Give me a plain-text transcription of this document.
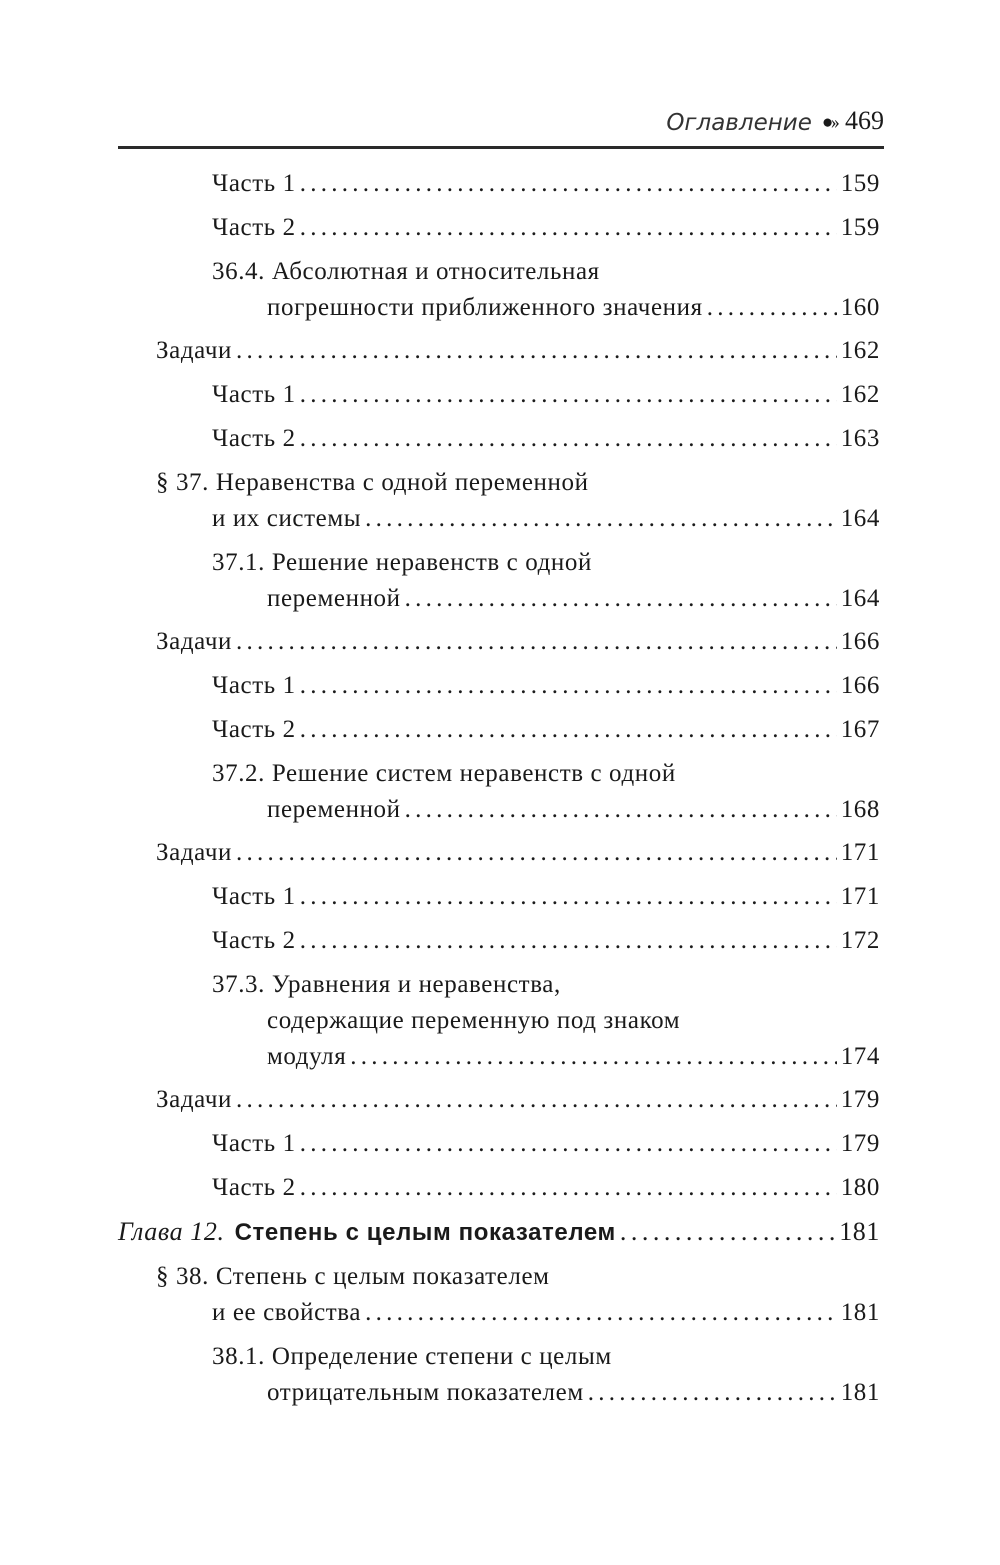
Оглавление ●›› 469
Часть 1 . . .	159
Часть 2 . . .	159
36.4. Абсолютная и относительная
погрешности приближенного значения . . .	160
Задачи . . .	162
Часть 1 . . .	162
Часть 2 . . .	163
§ 37. Неравенства с одной переменной
и их системы . . .	164
37.1. Решение неравенств с одной
переменной . . .	164
Задачи . . .	166
Часть 1 . . .	166
Часть 2 . . .	167
37.2. Решение систем неравенств с одной
переменной . . .	168
Задачи . . .	171
Часть 1 . . .	171
Часть 2 . . .	172
37.3. Уравнения и неравенства,
содержащие переменную под знаком
модуля . . .	174
Задачи . . .	179
Часть 1 . . .	179
Часть 2 . . .	180
Глава 12. Степень с целым показателем . . .	181
§ 38. Степень с целым показателем
и ее свойства . . .	181
38.1. Определение степени с целым
отрицательным показателем . . .	181
